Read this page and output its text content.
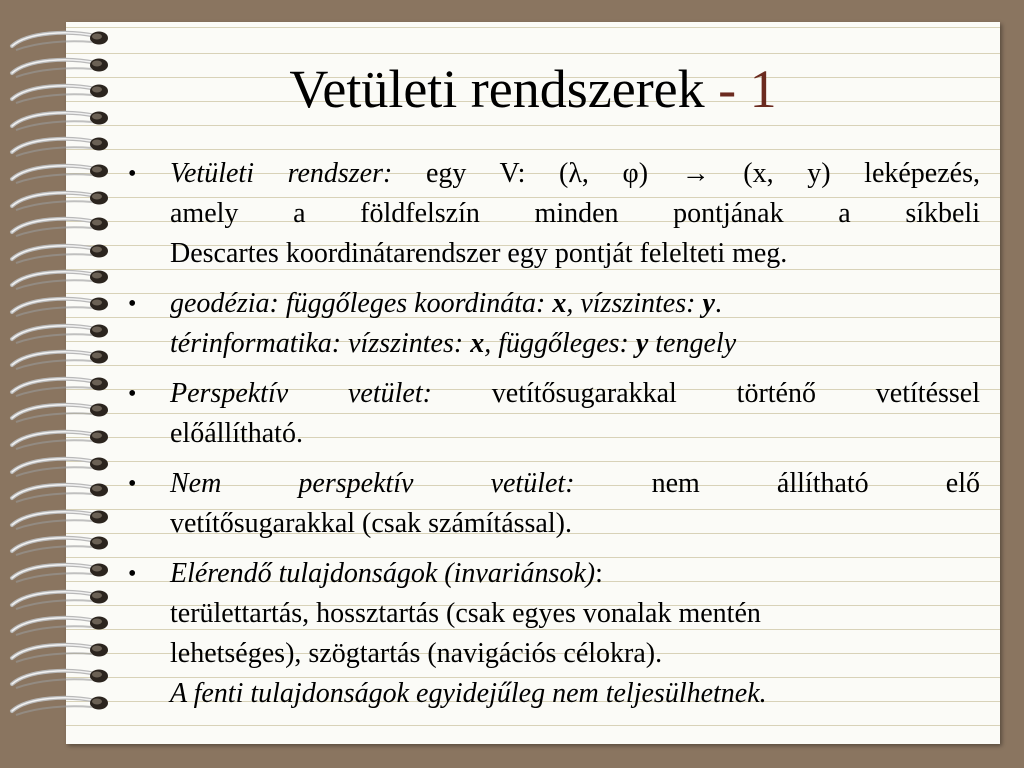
Vetületi rendszerek - 1
• Vetületi rendszer: egy V: (λ, φ) → (x, y) leképezés,
amely a földfelszín minden pontjának a síkbeli
Descartes koordinátarendszer egy pontját felelteti meg.
• geodézia: függőleges koordináta: x, vízszintes: y.
térinformatika: vízszintes: x, függőleges: y tengely
• Perspektív vetület: vetítősugarakkal történő vetítéssel
előállítható.
• Nem perspektív vetület: nem állítható elő
vetítősugarakkal (csak számítással).
• Elérendő tulajdonságok (invariánsok):
területtartás, hossztartás (csak egyes vonalak mentén
lehetséges), szögtartás (navigációs célokra).
A fenti tulajdonságok egyidejűleg nem teljesülhetnek.
